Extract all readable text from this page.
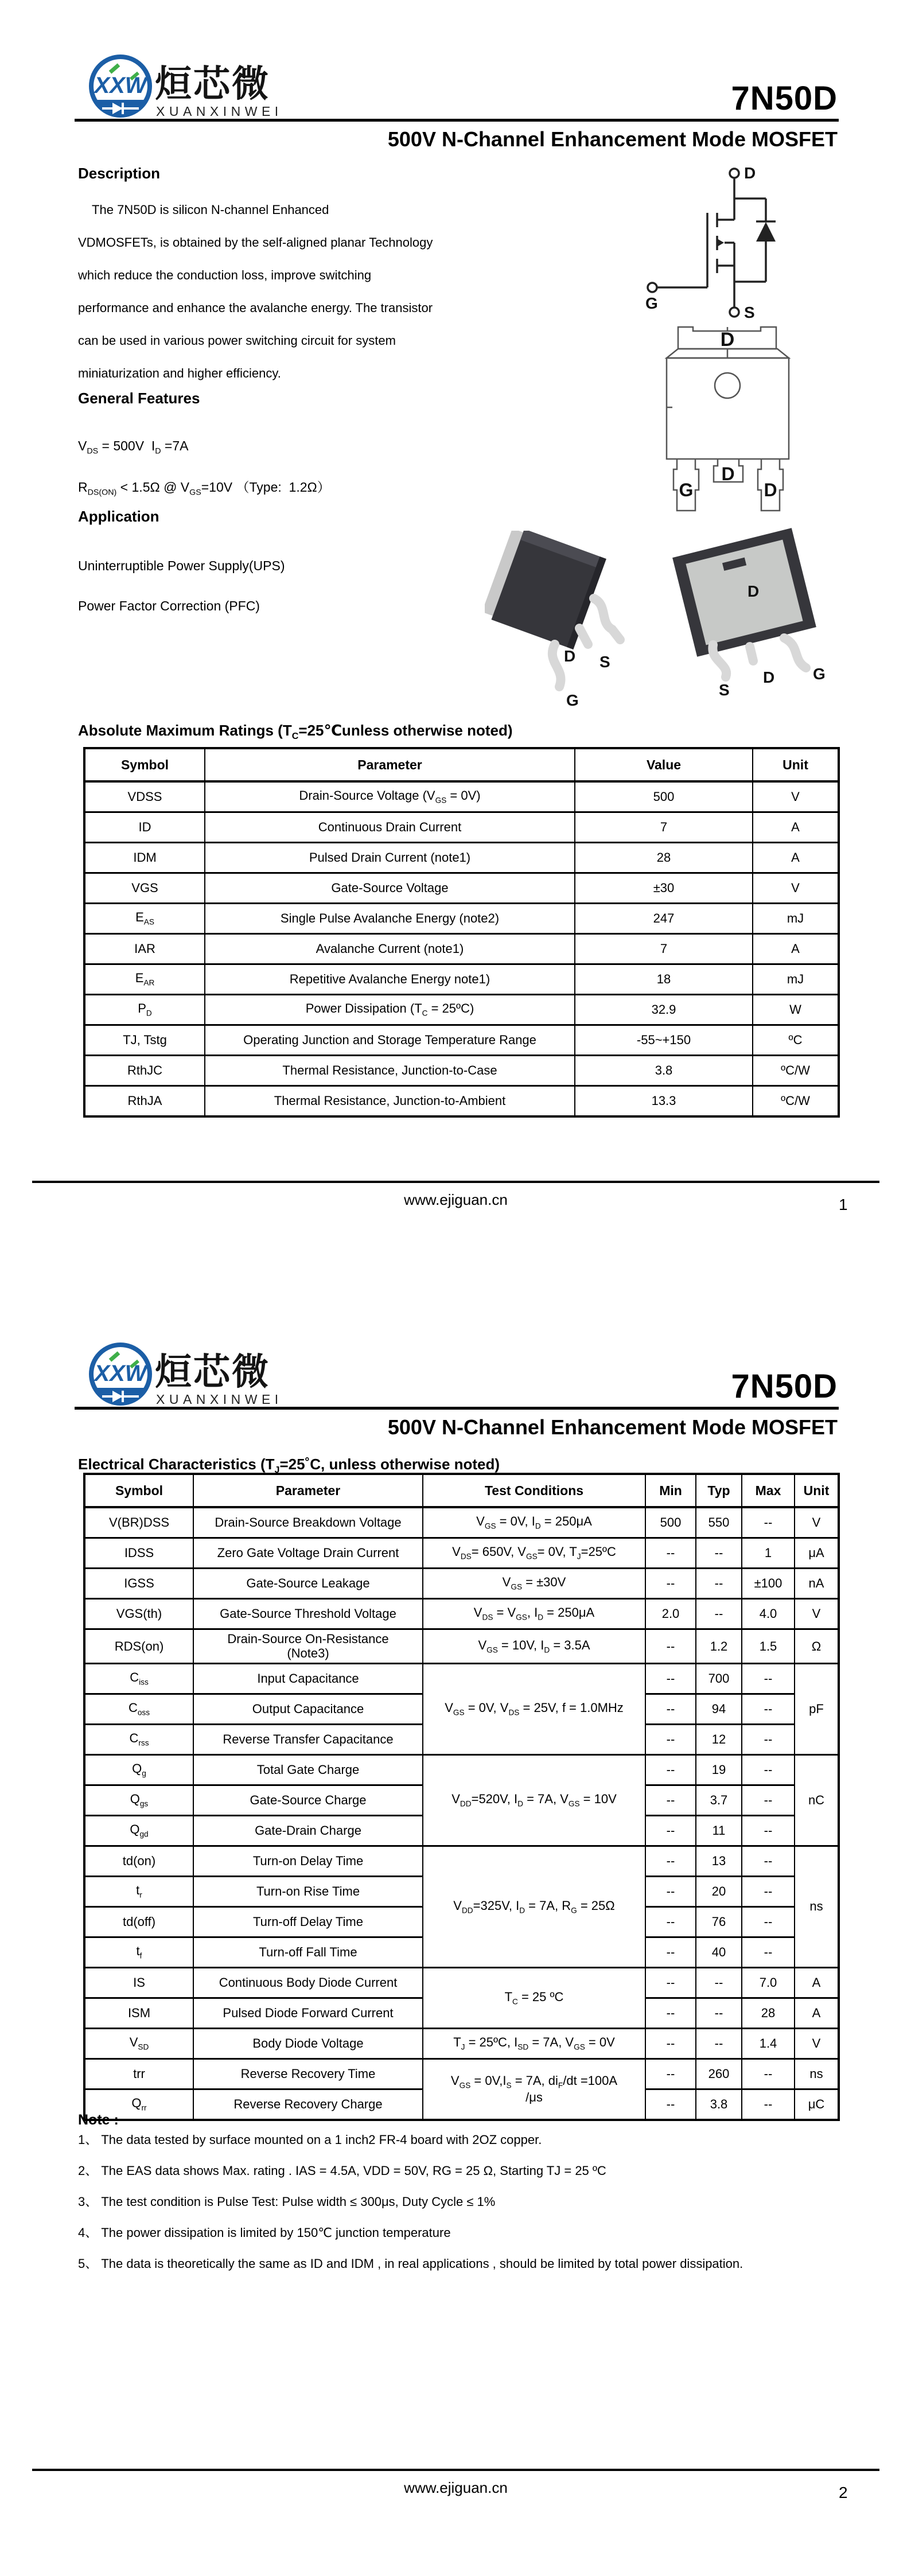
XXW 烜芯微
XUANXINWEI	7N50D
500V N-Channel Enhancement Mode MOSFET
Description
The 7N50D is silicon N-channel Enhanced
VDMOSFETs, is obtained by the self-aligned planar Technology
which reduce the conduction loss, improve switching
performance and enhance the avalanche energy. The transistor
can be used in various power switching circuit for system
miniaturization and higher efficiency.
General Features
$V_{DS} = 500V$  $I_D =7A$
$R_{DS(ON)} < 1.5\Omega$ @ $V_{GS}=10V$ （Type:  1.2Ω）
Application
Uninterruptible Power Supply(UPS)
Power Factor Correction (PFC)
D
G
S
D
G
D
D
D S
G
D
S
D G
Absolute Maximum Ratings ($T_C=25℃unless$ otherwise noted)
Symbol	Parameter	Value	Unit
VDSS	Drain-Source Voltage $(V_{GS} = 0V)$	500	V
ID	Continuous Drain Current	7	A
IDM	Pulsed Drain Current (note1)	28	A
VGS	Gate-Source Voltage	±30	V
$E_{AS}$	Single Pulse Avalanche Energy (note2)	247	mJ
IAR	Avalanche Current (note1)	7	A
$E_{AR}$	Repetitive Avalanche Energy note1)	18	mJ
$P_D$	Power Dissipation ($T_C$ = 25ºC)	32.9	W
TJ, Tstg	Operating Junction and Storage Temperature Range	-55~+150	ºC
RthJC	Thermal Resistance, Junction-to-Case	3.8	ºC/W
RthJA	Thermal Resistance, Junction-to-Ambient	13.3	ºC/W
www.ejiguan.cn	1
XXW 烜芯微
XUANXINWEI	7N50D
500V N-Channel Enhancement Mode MOSFET
Electrical Characteristics ($T_J=25˚C$, unless otherwise noted)
Symbol	Parameter	Test Conditions	Min	Typ	Max	Unit
V(BR)DSS	Drain-Source Breakdown Voltage	$V_{GS} = 0V$, $I_D = 250\mu A$	500	550	--	V
IDSS	Zero Gate Voltage Drain Current	$V_{DS}= 650V$, $V_{GS}= 0V$, $T_J=25ºC$	--	--	1	μA
IGSS	Gate-Source Leakage	$V_{GS} = \pm 30V$	--	--	±100	nA
VGS(th)	Gate-Source Threshold Voltage	$V_{DS} = V_{GS}$, $I_D = 250\mu A$	2.0	--	4.0	V
RDS(on)	Drain-Source On-Resistance
(Note3)	$V_{GS} = 10V$, $I_D = 3.5A$	--	1.2	1.5	Ω
$C_{iss}$	Input Capacitance	$V_{GS} = 0V$, $V_{DS} = 25V$, f = 1.0MHz	--	700	--	pF
$C_{oss}$	Output Capacitance		--	94	--	
$C_{rss}$	Reverse Transfer Capacitance		--	12	--	
$Q_g$	Total Gate Charge	$V_{DD}=520V$, $I_D = 7A$, $V_{GS} = 10V$	--	19	--	nC
$Q_{gs}$	Gate-Source Charge		--	3.7	--	
$Q_{gd}$	Gate-Drain Charge		--	11	--	
td(on)	Turn-on Delay Time	$V_{DD}=325V$, $I_D = 7A$, $R_G = 25\Omega$	--	13	--	ns
$t_r$	Turn-on Rise Time		--	20	--	
td(off)	Turn-off Delay Time		--	76	--	
$t_f$	Turn-off Fall Time		--	40	--	
IS	Continuous Body Diode Current	$T_C = 25$ ºC	--	--	7.0	A
ISM	Pulsed Diode Forward Current		--	--	28	A
$V_{SD}$	Body Diode Voltage	$T_J$ = 25ºC, $I_{SD} = 7A$, $V_{GS} = 0V$	--	--	1.4	V
trr	Reverse Recovery Time	$V_{GS} = 0V,I_S = 7A$, $di_F/dt =100A$
/μs	--	260	--	ns
$Q_{rr}$	Reverse Recovery Charge		--	3.8	--	μC
Note :
1、 The data tested by surface mounted on a 1 inch2 FR-4 board with 2OZ copper.
2、 The EAS data shows Max. rating . IAS = 4.5A, VDD = 50V, RG = 25 Ω, Starting TJ = 25 ºC
3、 The test condition is Pulse Test: Pulse width ≤ 300μs, Duty Cycle ≤ 1%
4、 The power dissipation is limited by 150℃ junction temperature
5、 The data is theoretically the same as ID and IDM , in real applications , should be limited by total power dissipation.
www.ejiguan.cn	2
